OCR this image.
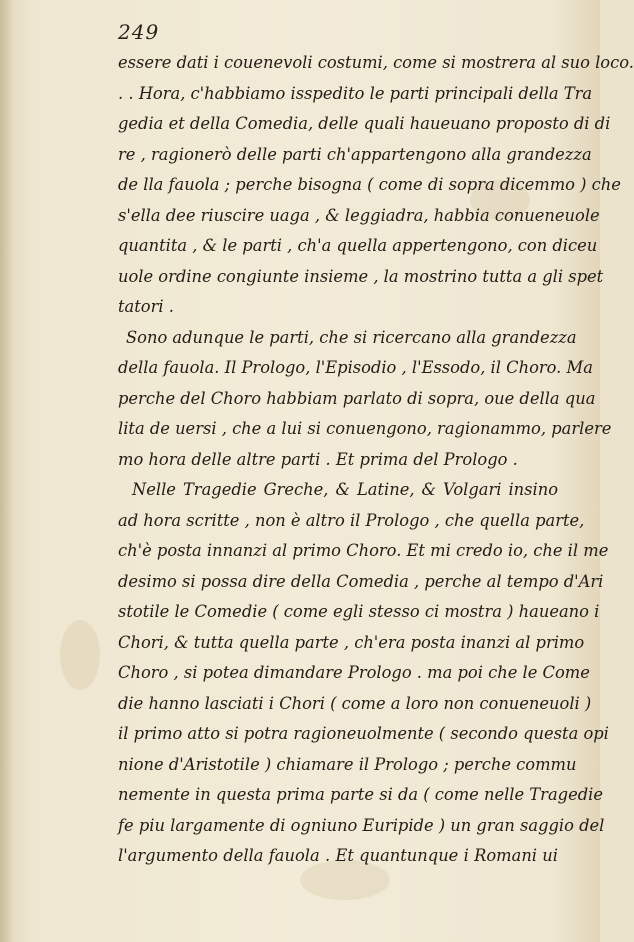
249
essere dati i couenevoli costumi, come si mostrera al suo loco.
. . Hora, c'habbiamo isspedito le parti principali della Tra
gedia et della Comedia, delle quali haueuano proposto di di
re , ragionerò delle parti ch'appartengono alla grandezza
de lla fauola ; perche bisogna ( come di sopra dicemmo ) che
s'ella dee riuscire uaga , & leggiadra, habbia conueneuole
quantita , & le parti , ch'a quella appertengono, con diceu
uole ordine congiunte insieme , la mostrino tutta a gli spet
tatori .
Sono adunque le parti, che si ricercano alla grandezza
della fauola. Il Prologo, l'Episodio , l'Essodo, il Choro. Ma
perche del Choro habbiam parlato di sopra, oue della qua
lita de uersi , che a lui si conuengono, ragionammo, parlere
mo hora delle altre parti . Et prima del Prologo .
Nelle Tragedie Greche, & Latine, & Volgari insino
ad hora scritte , non è altro il Prologo , che quella parte,
ch'è posta innanzi al primo Choro. Et mi credo io, che il me
desimo si possa dire della Comedia , perche al tempo d'Ari
stotile le Comedie ( come egli stesso ci mostra ) haueano i
Chori, & tutta quella parte , ch'era posta inanzi al primo
Choro , si potea dimandare Prologo . ma poi che le Come
die hanno lasciati i Chori ( come a loro non conueneuoli )
il primo atto si potra ragioneuolmente ( secondo questa opi
nione d'Aristotile ) chiamare il Prologo ; perche commu
nemente in questa prima parte si da ( come nelle Tragedie
fe piu largamente di ogniuno Euripide ) un gran saggio del
l'argumento della fauola . Et quantunque i Romani ui
